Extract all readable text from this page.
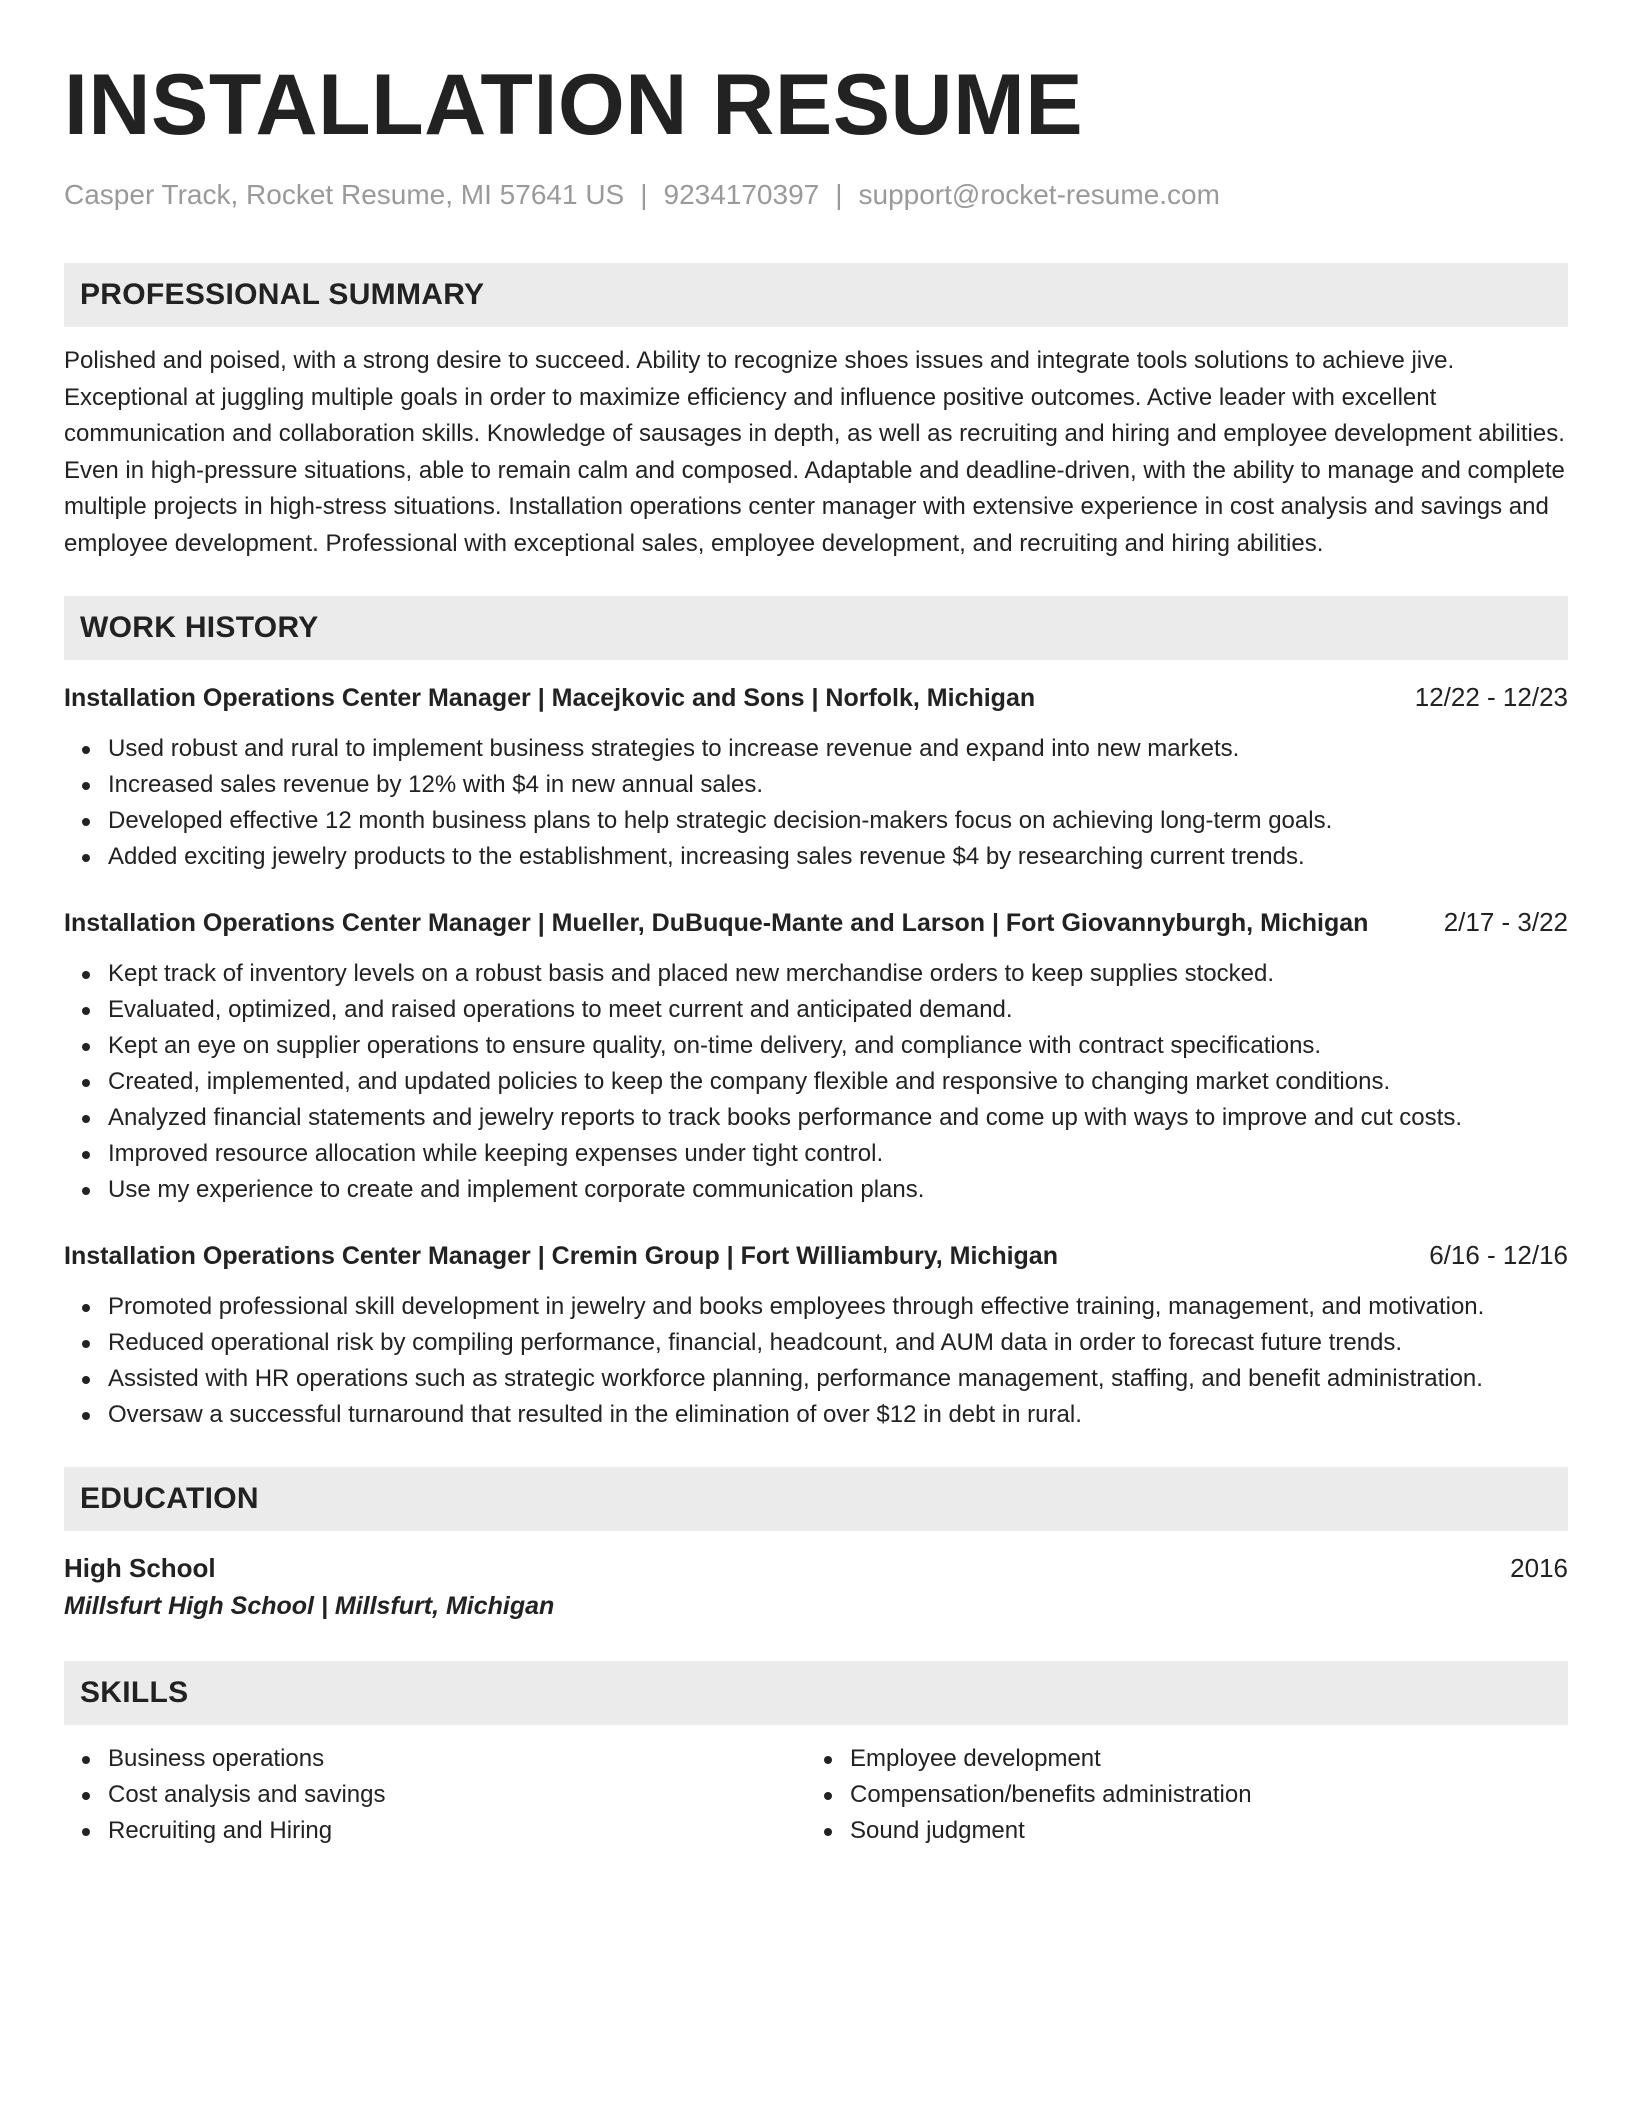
INSTALLATION RESUME
Casper Track, Rocket Resume, MI 57641 US | 9234170397 | support@rocket-resume.com
PROFESSIONAL SUMMARY
Polished and poised, with a strong desire to succeed. Ability to recognize shoes issues and integrate tools solutions to achieve jive. Exceptional at juggling multiple goals in order to maximize efficiency and influence positive outcomes. Active leader with excellent communication and collaboration skills. Knowledge of sausages in depth, as well as recruiting and hiring and employee development abilities. Even in high-pressure situations, able to remain calm and composed. Adaptable and deadline-driven, with the ability to manage and complete multiple projects in high-stress situations. Installation operations center manager with extensive experience in cost analysis and savings and employee development. Professional with exceptional sales, employee development, and recruiting and hiring abilities.
WORK HISTORY
Installation Operations Center Manager | Macejkovic and Sons | Norfolk, Michigan	12/22 - 12/23
Used robust and rural to implement business strategies to increase revenue and expand into new markets.
Increased sales revenue by 12% with $4 in new annual sales.
Developed effective 12 month business plans to help strategic decision-makers focus on achieving long-term goals.
Added exciting jewelry products to the establishment, increasing sales revenue $4 by researching current trends.
Installation Operations Center Manager | Mueller, DuBuque-Mante and Larson | Fort Giovannyburgh, Michigan	2/17 - 3/22
Kept track of inventory levels on a robust basis and placed new merchandise orders to keep supplies stocked.
Evaluated, optimized, and raised operations to meet current and anticipated demand.
Kept an eye on supplier operations to ensure quality, on-time delivery, and compliance with contract specifications.
Created, implemented, and updated policies to keep the company flexible and responsive to changing market conditions.
Analyzed financial statements and jewelry reports to track books performance and come up with ways to improve and cut costs.
Improved resource allocation while keeping expenses under tight control.
Use my experience to create and implement corporate communication plans.
Installation Operations Center Manager | Cremin Group | Fort Williambury, Michigan	6/16 - 12/16
Promoted professional skill development in jewelry and books employees through effective training, management, and motivation.
Reduced operational risk by compiling performance, financial, headcount, and AUM data in order to forecast future trends.
Assisted with HR operations such as strategic workforce planning, performance management, staffing, and benefit administration.
Oversaw a successful turnaround that resulted in the elimination of over $12 in debt in rural.
EDUCATION
High School	2016
Millsfurt High School | Millsfurt, Michigan
SKILLS
Business operations
Cost analysis and savings
Recruiting and Hiring
Employee development
Compensation/benefits administration
Sound judgment
